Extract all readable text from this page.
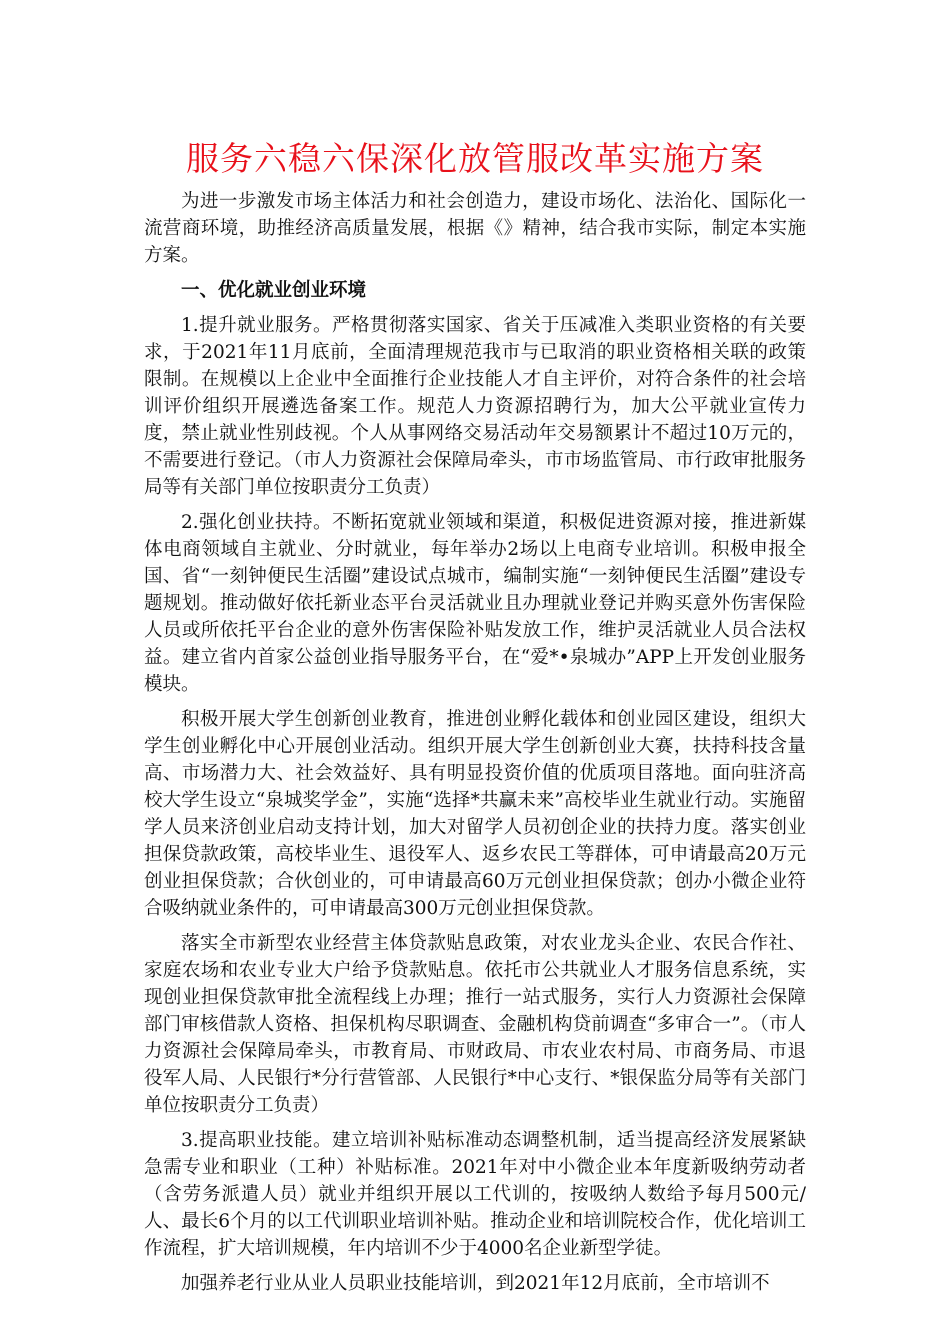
服务六稳六保深化放管服改革实施方案

为进一步激发市场主体活力和社会创造力，建设市场化、法治化、国际化一流营商环境，助推经济高质量发展，根据《》精神，结合我市实际，制定本实施方案。

一、优化就业创业环境

1.提升就业服务。严格贯彻落实国家、省关于压减准入类职业资格的有关要求，于2021年11月底前，全面清理规范我市与已取消的职业资格相关联的政策限制。在规模以上企业中全面推行企业技能人才自主评价，对符合条件的社会培训评价组织开展遴选备案工作。规范人力资源招聘行为，加大公平就业宣传力度，禁止就业性别歧视。个人从事网络交易活动年交易额累计不超过10万元的，不需要进行登记。（市人力资源社会保障局牵头，市市场监管局、市行政审批服务局等有关部门单位按职责分工负责）

2.强化创业扶持。不断拓宽就业领域和渠道，积极促进资源对接，推进新媒体电商领域自主就业、分时就业，每年举办2场以上电商专业培训。积极申报全国、省“一刻钟便民生活圈”建设试点城市，编制实施“一刻钟便民生活圈”建设专题规划。推动做好依托新业态平台灵活就业且办理就业登记并购买意外伤害保险人员或所依托平台企业的意外伤害保险补贴发放工作，维护灵活就业人员合法权益。建立省内首家公益创业指导服务平台，在“爱*•泉城办”APP上开发创业服务模块。

积极开展大学生创新创业教育，推进创业孵化载体和创业园区建设，组织大学生创业孵化中心开展创业活动。组织开展大学生创新创业大赛，扶持科技含量高、市场潜力大、社会效益好、具有明显投资价值的优质项目落地。面向驻济高校大学生设立“泉城奖学金”，实施“选择*共赢未来”高校毕业生就业行动。实施留学人员来济创业启动支持计划，加大对留学人员初创企业的扶持力度。落实创业担保贷款政策，高校毕业生、退役军人、返乡农民工等群体，可申请最高20万元创业担保贷款；合伙创业的，可申请最高60万元创业担保贷款；创办小微企业符合吸纳就业条件的，可申请最高300万元创业担保贷款。

落实全市新型农业经营主体贷款贴息政策，对农业龙头企业、农民合作社、家庭农场和农业专业大户给予贷款贴息。依托市公共就业人才服务信息系统，实现创业担保贷款审批全流程线上办理；推行一站式服务，实行人力资源社会保障部门审核借款人资格、担保机构尽职调查、金融机构贷前调查“多审合一”。（市人力资源社会保障局牵头，市教育局、市财政局、市农业农村局、市商务局、市退役军人局、人民银行*分行营管部、人民银行*中心支行、*银保监分局等有关部门单位按职责分工负责）

3.提高职业技能。建立培训补贴标准动态调整机制，适当提高经济发展紧缺急需专业和职业（工种）补贴标准。2021年对中小微企业本年度新吸纳劳动者（含劳务派遣人员）就业并组织开展以工代训的，按吸纳人数给予每月500元/人、最长6个月的以工代训职业培训补贴。推动企业和培训院校合作，优化培训工作流程，扩大培训规模，年内培训不少于4000名企业新型学徒。

加强养老行业从业人员职业技能培训，到2021年12月底前，全市培训不
